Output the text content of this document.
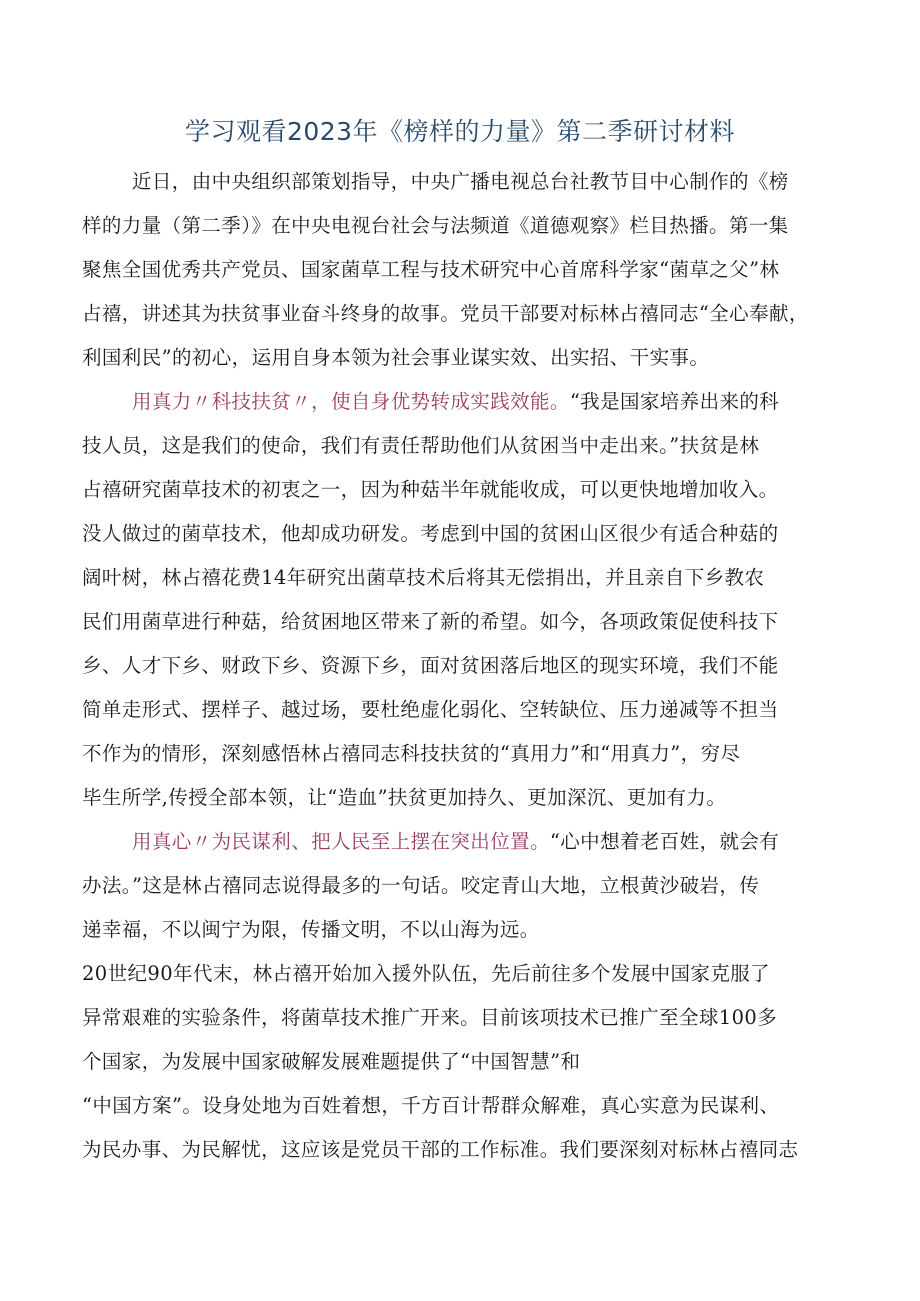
学习观看2023年《榜样的力量》第二季研讨材料
近日，由中央组织部策划指导，中央广播电视总台社教节目中心制作的《榜
样的力量（第二季）》在中央电视台社会与法频道《道德观察》栏目热播。第一集
聚焦全国优秀共产党员、国家菌草工程与技术研究中心首席科学家“菌草之父”林
占禧，讲述其为扶贫事业奋斗终身的故事。党员干部要对标林占禧同志“全心奉献，
利国利民”的初心，运用自身本领为社会事业谋实效、出实招、干实事。
用真力〃科技扶贫〃，使自身优势转成实践效能。“我是国家培养出来的科
技人员，这是我们的使命，我们有责任帮助他们从贫困当中走出来。”扶贫是林
占禧研究菌草技术的初衷之一，因为种菇半年就能收成，可以更快地增加收入。
没人做过的菌草技术，他却成功研发。考虑到中国的贫困山区很少有适合种菇的
阔叶树，林占禧花费14年研究出菌草技术后将其无偿捐出，并且亲自下乡教农
民们用菌草进行种菇，给贫困地区带来了新的希望。如今，各项政策促使科技下
乡、人才下乡、财政下乡、资源下乡，面对贫困落后地区的现实环境，我们不能
简单走形式、摆样子、越过场，要杜绝虚化弱化、空转缺位、压力递减等不担当
不作为的情形，深刻感悟林占禧同志科技扶贫的“真用力”和“用真力”，穷尽
毕生所学,传授全部本领，让“造血”扶贫更加持久、更加深沉、更加有力。
用真心〃为民谋利、把人民至上摆在突出位置。“心中想着老百姓，就会有
办法。”这是林占禧同志说得最多的一句话。咬定青山大地，立根黄沙破岩，传
递幸福，不以闽宁为限，传播文明，不以山海为远。
20世纪90年代末，林占禧开始加入援外队伍，先后前往多个发展中国家克服了
异常艰难的实验条件，将菌草技术推广开来。目前该项技术已推广至全球100多
个国家，为发展中国家破解发展难题提供了“中国智慧”和
“中国方案”。设身处地为百姓着想，千方百计帮群众解难，真心实意为民谋利、
为民办事、为民解忧，这应该是党员干部的工作标准。我们要深刻对标林占禧同志
